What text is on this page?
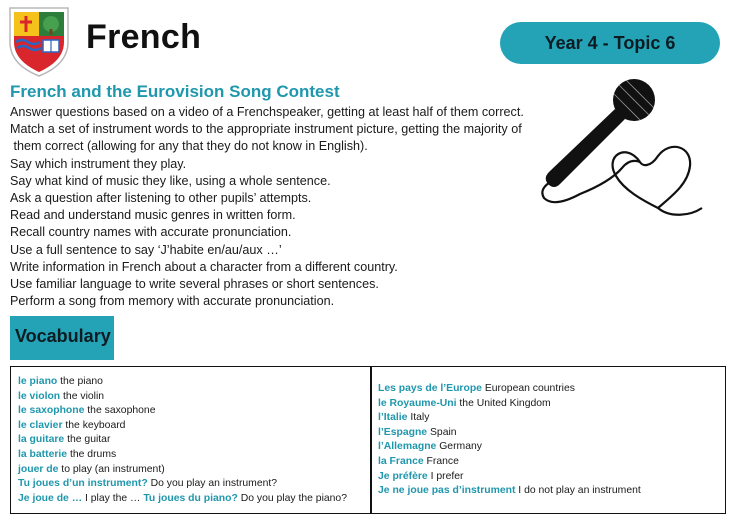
French	Year 4 - Topic 6
French and the Eurovision Song Contest
Answer questions based on a video of a Frenchspeaker, getting at least half of them correct.
Match a set of instrument words to the appropriate instrument picture, getting the majority of
them correct (allowing for any that they do not know in English).
Say which instrument they play.
Say what kind of music they like, using a whole sentence.
Ask a question after listening to other pupils’ attempts.
Read and understand music genres in written form.
Recall country names with accurate pronunciation.
Use a full sentence to say ‘J’habite en/au/aux …’
Write information in French about a character from a different country.
Use familiar language to write several phrases or short sentences.
Perform a song from memory with accurate pronunciation.
Vocabulary
le piano the piano
le violon the violin
le saxophone the saxophone
le clavier the keyboard
la guitare the guitar
la batterie the drums
jouer de to play (an instrument)
Tu joues d’un instrument? Do you play an instrument?
Je joue de … I play the … Tu joues du piano? Do you play the piano?
Les pays de l’Europe European countries
le Royaume-Uni the United Kingdom
l’Italie Italy
l’Espagne Spain
l’Allemagne Germany
la France France
Je préfère I prefer
Je ne joue pas d’instrument I do not play an instrument
